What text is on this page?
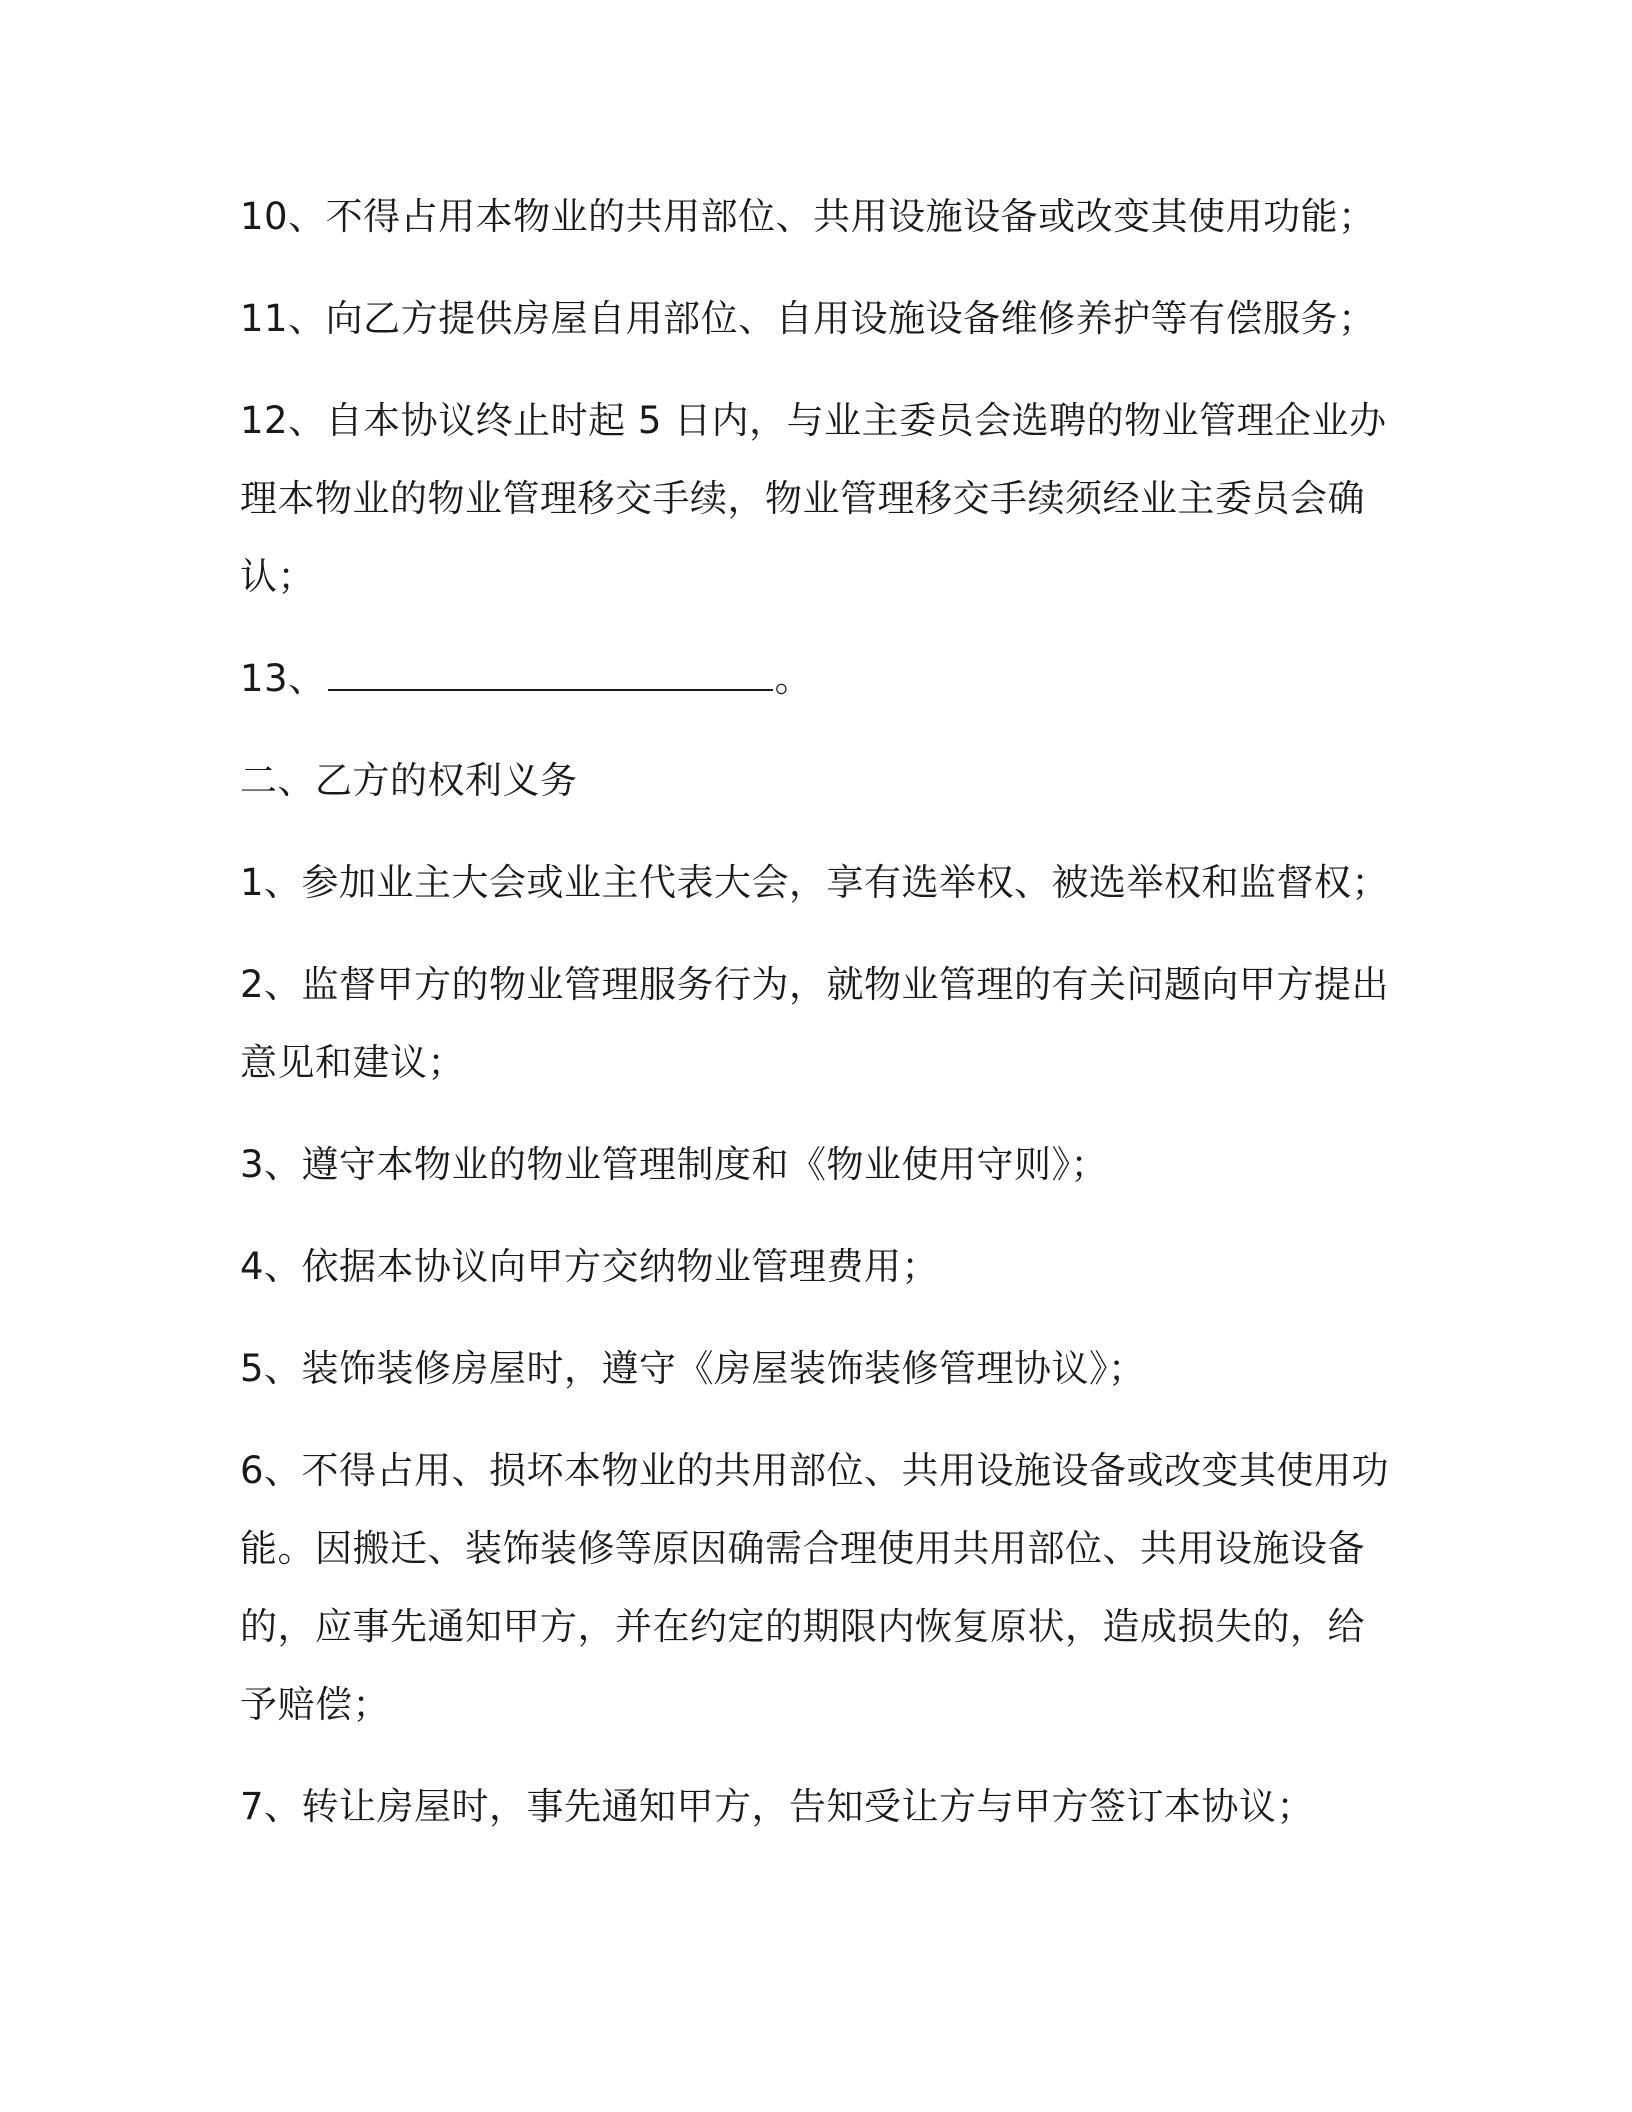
10、不得占用本物业的共用部位、共用设施设备或改变其使用功能；
11、向乙方提供房屋自用部位、自用设施设备维修养护等有偿服务；
12、自本协议终止时起 5 日内，与业主委员会选聘的物业管理企业办
理本物业的物业管理移交手续，物业管理移交手续须经业主委员会确
认；
13、	。
二、乙方的权利义务
1、参加业主大会或业主代表大会，享有选举权、被选举权和监督权；
2、监督甲方的物业管理服务行为，就物业管理的有关问题向甲方提出
意见和建议；
3、遵守本物业的物业管理制度和《物业使用守则》；
4、依据本协议向甲方交纳物业管理费用；
5、装饰装修房屋时，遵守《房屋装饰装修管理协议》；
6、不得占用、损坏本物业的共用部位、共用设施设备或改变其使用功
能。因搬迁、装饰装修等原因确需合理使用共用部位、共用设施设备
的，应事先通知甲方，并在约定的期限内恢复原状，造成损失的，给
予赔偿；
7、转让房屋时，事先通知甲方，告知受让方与甲方签订本协议；
